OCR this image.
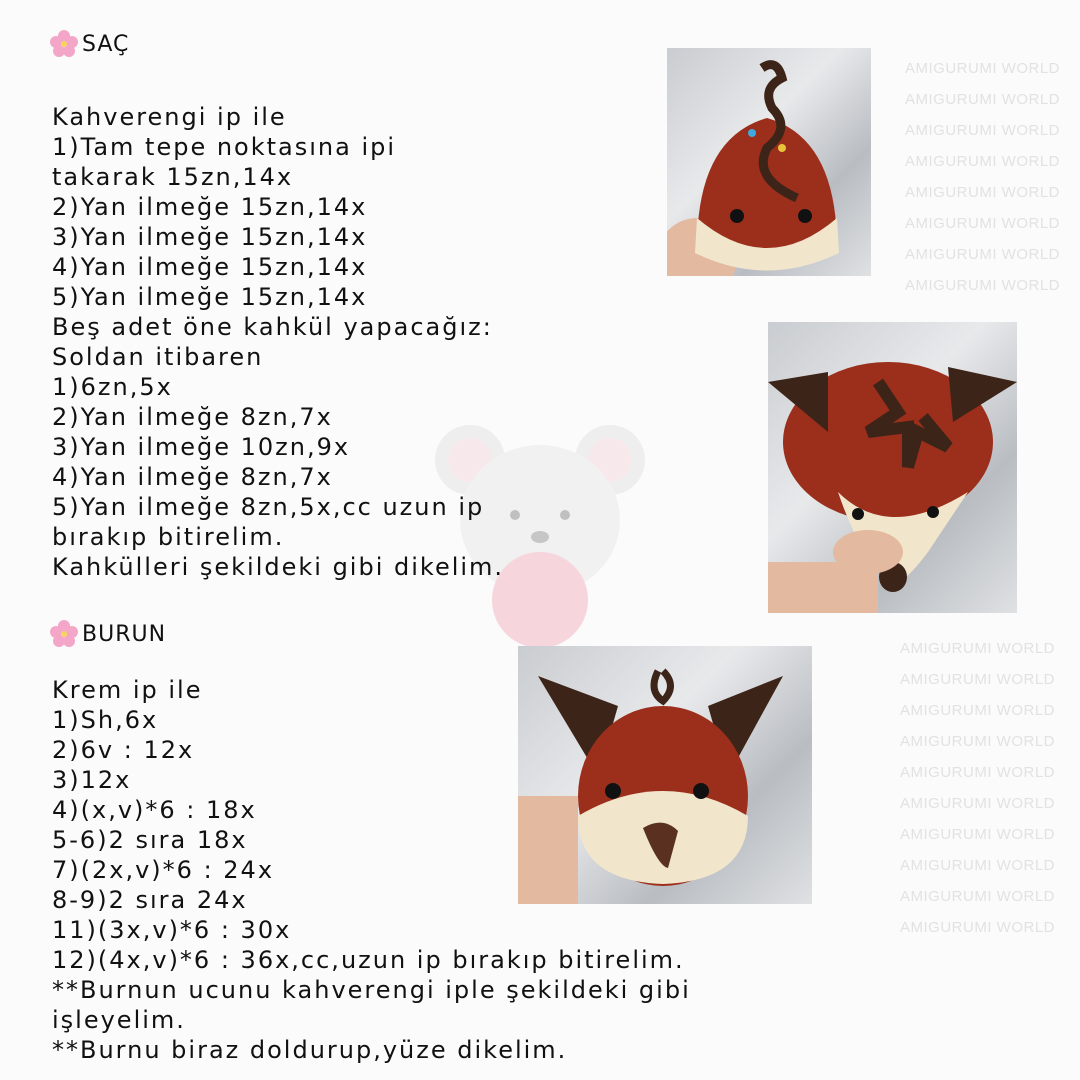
AMIGURUMI WORLD
AMIGURUMI WORLD
AMIGURUMI WORLD
AMIGURUMI WORLD
AMIGURUMI WORLD
AMIGURUMI WORLD
AMIGURUMI WORLD
AMIGURUMI WORLD
AMIGURUMI WORLD
AMIGURUMI WORLD
AMIGURUMI WORLD
AMIGURUMI WORLD
AMIGURUMI WORLD
AMIGURUMI WORLD
AMIGURUMI WORLD
AMIGURUMI WORLD
AMIGURUMI WORLD
AMIGURUMI WORLD
SAÇ
Kahverengi ip ile
1)Tam tepe noktasına ipi
takarak 15zn,14x
2)Yan ilmeğe 15zn,14x
3)Yan ilmeğe 15zn,14x
4)Yan ilmeğe 15zn,14x
5)Yan ilmeğe 15zn,14x
Beş adet öne kahkül yapacağız:
Soldan itibaren
1)6zn,5x
2)Yan ilmeğe 8zn,7x
3)Yan ilmeğe 10zn,9x
4)Yan ilmeğe 8zn,7x
5)Yan ilmeğe 8zn,5x,cc uzun ip
bırakıp bitirelim.
Kahkülleri şekildeki gibi dikelim.
BURUN
Krem ip ile
1)Sh,6x
2)6v : 12x
3)12x
4)(x,v)*6 : 18x
5-6)2 sıra 18x
7)(2x,v)*6 : 24x
8-9)2 sıra 24x
11)(3x,v)*6 : 30x
12)(4x,v)*6 : 36x,cc,uzun ip bırakıp bitirelim.
**Burnun ucunu kahverengi iple şekildeki gibi
işleyelim.
**Burnu biraz doldurup,yüze dikelim.
